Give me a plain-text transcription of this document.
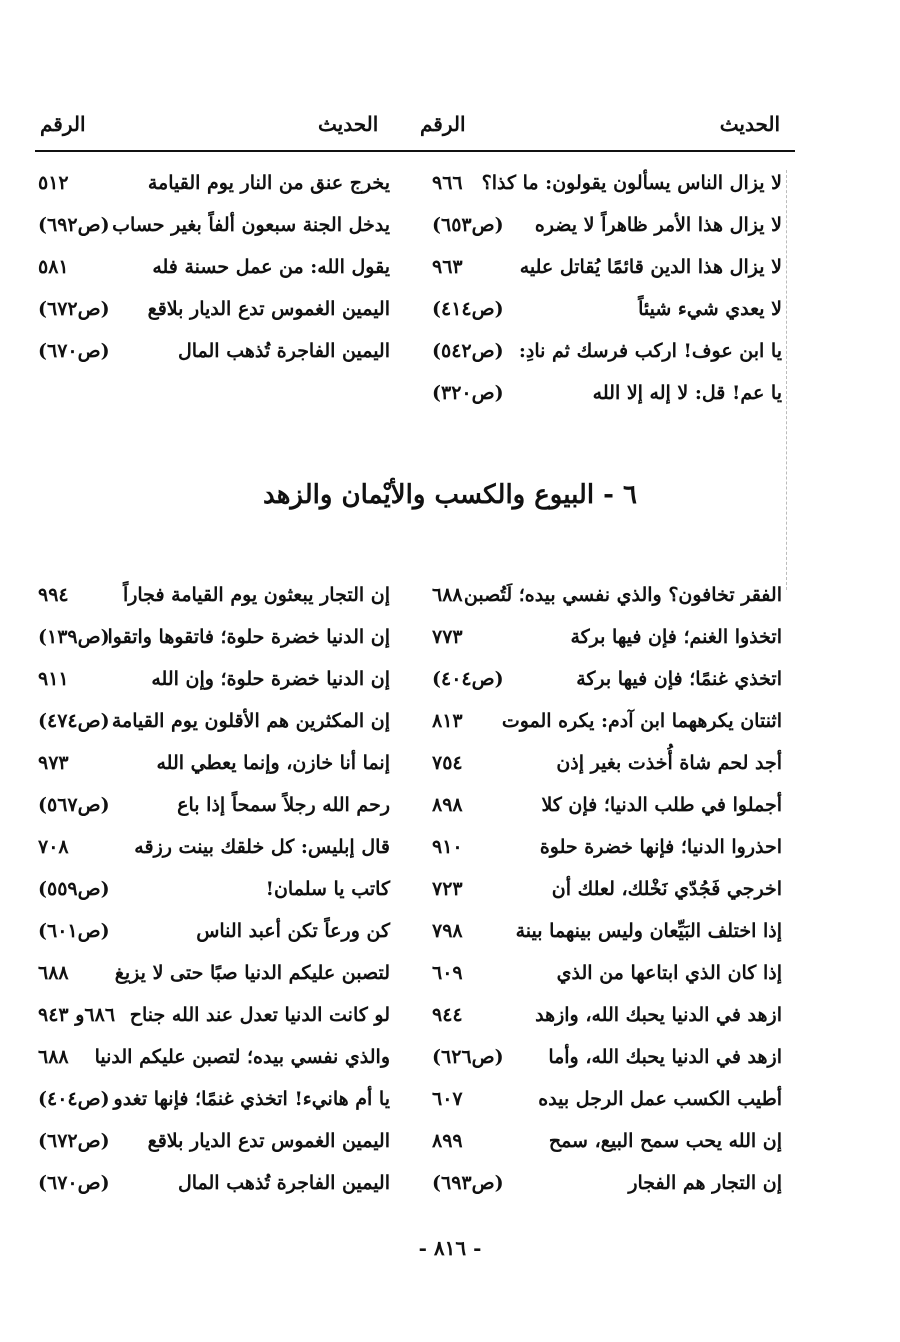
الحديث
الرقم
الحديث
الرقم
لا يزال الناس يسألون يقولون: ما كذا؟
٩٦٦
لا يزال هذا الأمر ظاهراً لا يضره
(ص٦٥٣)
لا يزال هذا الدين قائمًا يُقاتل عليه
٩٦٣
لا يعدي شيء شيئاً
(ص٤١٤)
يا ابن عوف! اركب فرسك ثم نادِ:
(ص٥٤٢)
يا عم! قل: لا إله إلا الله
(ص٣٢٠)
يخرج عنق من النار يوم القيامة
٥١٢
يدخل الجنة سبعون ألفاً بغير حساب
(ص٦٩٢)
يقول الله: من عمل حسنة فله
٥٨١
اليمين الغموس تدع الديار بلاقع
(ص٦٧٢)
اليمين الفاجرة تُذهب المال
(ص٦٧٠)
٦ - البيوع والكسب والأيْمان والزهد
الفقر تخافون؟ والذي نفسي بيده؛ لَتُصبن
٦٨٨
اتخذوا الغنم؛ فإن فيها بركة
٧٧٣
اتخذي غنمًا؛ فإن فيها بركة
(ص٤٠٤)
اثنتان يكرههما ابن آدم: يكره الموت
٨١٣
أجد لحم شاة أُخذت بغير إذن
٧٥٤
أجملوا في طلب الدنيا؛ فإن كلا
٨٩٨
احذروا الدنيا؛ فإنها خضرة حلوة
٩١٠
اخرجي فَجُدّي نَخْلك، لعلك أن
٧٢٣
إذا اختلف البَيِّعان وليس بينهما بينة
٧٩٨
إذا كان الذي ابتاعها من الذي
٦٠٩
ازهد في الدنيا يحبك الله، وازهد
٩٤٤
ازهد في الدنيا يحبك الله، وأما
(ص٦٢٦)
أطيب الكسب عمل الرجل بيده
٦٠٧
إن الله يحب سمح البيع، سمح
٨٩٩
إن التجار هم الفجار
(ص٦٩٣)
إن التجار يبعثون يوم القيامة فجاراً
٩٩٤
إن الدنيا خضرة حلوة؛ فاتقوها واتقوا
(ص١٣٩)
إن الدنيا خضرة حلوة؛ وإن الله
٩١١
إن المكثرين هم الأقلون يوم القيامة
(ص٤٧٤)
إنما أنا خازن، وإنما يعطي الله
٩٧٣
رحم الله رجلاً سمحاً إذا باع
(ص٥٦٧)
قال إبليس: كل خلقك بينت رزقه
٧٠٨
كاتب يا سلمان!
(ص٥٥٩)
كن ورعاً تكن أعبد الناس
(ص٦٠١)
لتصبن عليكم الدنيا صبًا حتى لا يزيغ
٦٨٨
لو كانت الدنيا تعدل عند الله جناح
٦٨٦و ٩٤٣
والذي نفسي بيده؛ لتصبن عليكم الدنيا
٦٨٨
يا أم هانيء! اتخذي غنمًا؛ فإنها تغدو
(ص٤٠٤)
اليمين الغموس تدع الديار بلاقع
(ص٦٧٢)
اليمين الفاجرة تُذهب المال
(ص٦٧٠)
- ٨١٦ -
